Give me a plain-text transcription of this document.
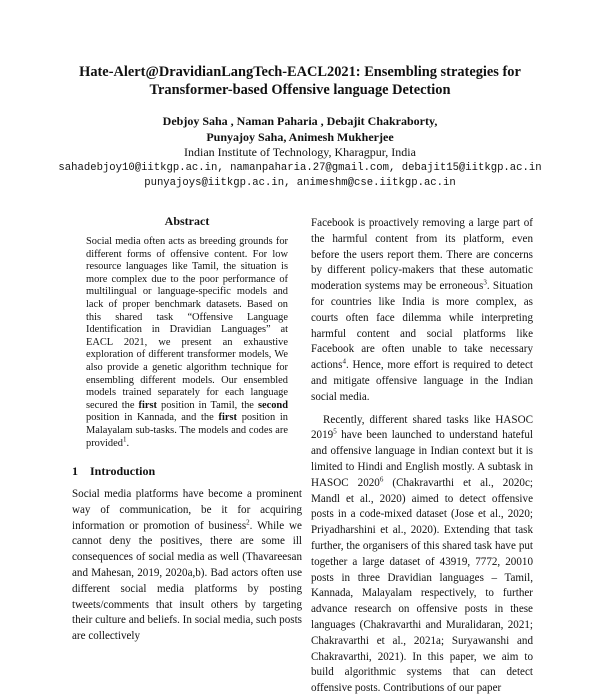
Hate-Alert@DravidianLangTech-EACL2021: Ensembling strategies for
Transformer-based Offensive language Detection
Debjoy Saha , Naman Paharia , Debajit Chakraborty,
Punyajoy Saha, Animesh Mukherjee
Indian Institute of Technology, Kharagpur, India
sahadebjoy10@iitkgp.ac.in, namanpaharia.27@gmail.com, debajit15@iitkgp.ac.in
punyajoys@iitkgp.ac.in, animeshm@cse.iitkgp.ac.in
Abstract

Social media often acts as breeding grounds for different forms of offensive content. For low resource languages like Tamil, the situation is more complex due to the poor performance of multilingual or language-specific models and lack of proper benchmark datasets. Based on this shared task “Offensive Language Identification in Dravidian Languages” at EACL 2021, we present an exhaustive exploration of different transformer models, We also provide a genetic algorithm technique for ensembling different models. Our ensembled models trained separately for each language secured the first position in Tamil, the second position in Kannada, and the first position in Malayalam sub-tasks. The models and codes are provided$^1$.

1 Introduction

Social media platforms have become a prominent way of communication, be it for acquiring information or promotion of business$^2$. While we cannot deny the positives, there are some ill consequences of social media as well (Thavareesan and Mahesan, 2019, 2020a,b). Bad actors often use different social media platforms by posting tweets/comments that insult others by targeting their culture and beliefs. In social media, such posts are collectively

Facebook is proactively removing a large part of the harmful content from its platform, even before the users report them. There are concerns by different policy-makers that these automatic moderation systems may be erroneous$^3$. Situation for countries like India is more complex, as courts often face dilemma while interpreting harmful content and social platforms like Facebook are often unable to take necessary actions$^4$. Hence, more effort is required to detect and mitigate offensive language in the Indian social media.

Recently, different shared tasks like HASOC 2019$^5$ have been launched to understand hateful and offensive language in Indian context but it is limited to Hindi and English mostly. A subtask in HASOC 2020$^6$ (Chakravarthi et al., 2020c; Mandl et al., 2020) aimed to detect offensive posts in a code-mixed dataset (Jose et al., 2020; Priyadharshini et al., 2020). Extending that task further, the organisers of this shared task have put together a large dataset of 43919, 7772, 20010 posts in three Dravidian languages – Tamil, Kannada, Malayalam respectively, to further advance research on offensive posts in these languages (Chakravarthi and Muralidaran, 2021; Chakravarthi et al., 2021a; Suryawanshi and Chakravarthi, 2021). In this paper, we aim to build algorithmic systems that can detect offensive posts. Contributions of our paper
